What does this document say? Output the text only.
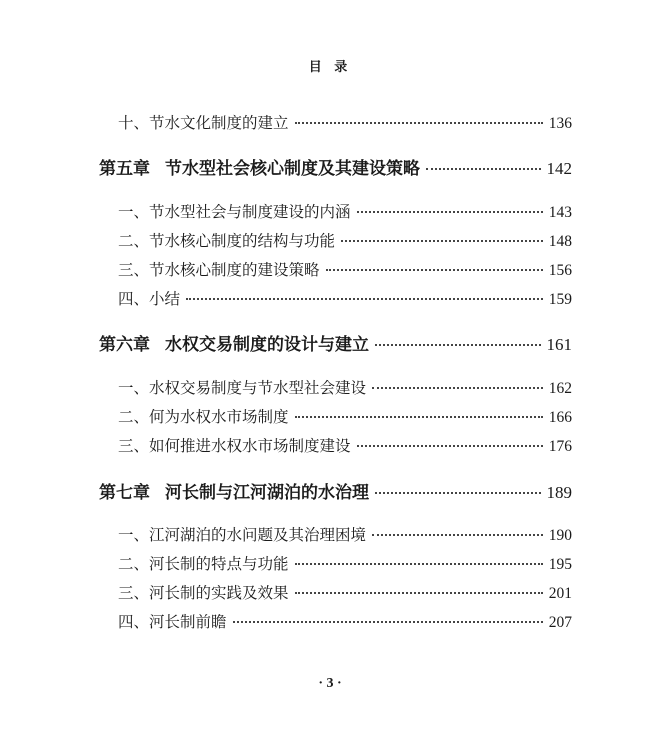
目 录
十、节水文化制度的建立	136
第五章 节水型社会核心制度及其建设策略	142
一、节水型社会与制度建设的内涵	143
二、节水核心制度的结构与功能	148
三、节水核心制度的建设策略	156
四、小结	159
第六章 水权交易制度的设计与建立	161
一、水权交易制度与节水型社会建设	162
二、何为水权水市场制度	166
三、如何推进水权水市场制度建设	176
第七章 河长制与江河湖泊的水治理	189
一、江河湖泊的水问题及其治理困境	190
二、河长制的特点与功能	195
三、河长制的实践及效果	201
四、河长制前瞻	207
· 3 ·
